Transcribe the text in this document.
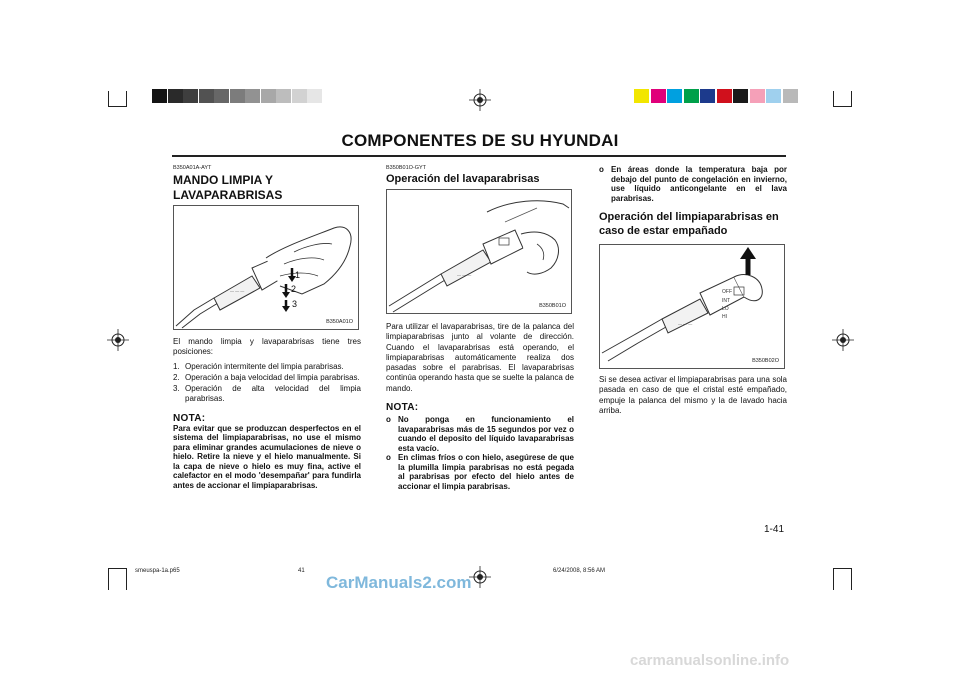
COMPONENTES DE SU HYUNDAI
B350A01A-AYT
MANDO LIMPIA Y LAVAPARABRISAS
— — —
1
2
3
B350A01O
El mando limpia y lavaparabrisas tiene tres posiciones:
1. Operación intermitente del limpia parabrisas.
2. Operación a baja velocidad del limpia parabrisas.
3. Operación de alta velocidad del limpia parabrisas.
NOTA:
Para evitar que se produzcan desperfectos en el sistema del limpiaparabrisas, no use el mismo para eliminar grandes acumulaciones de nieve o hielo. Retire la nieve y el hielo manualmente. Si la capa de nieve o hielo es muy fina, active el calefactor en el modo 'desempañar' para fundirla antes de accionar el limpiaparabrisas.
B350B01O-GYT
Operación del lavaparabrisas
— — —
B350B01O
Para utilizar el lavaparabrisas, tire de la palanca del limpiaparabrisas junto al volante de dirección. Cuando el lavaparabrisas está operando, el limpiaparabrisas automáticamente realiza dos pasadas sobre el parabrisas. El lavaparabrisas continúa operando hasta que se suelte la palanca de mando.
NOTA:
o No ponga en funcionamiento el lavaparabrisas más de 15 segundos por vez o cuando el deposito del líquido lavaparabrisas esta vacío.
o En climas fríos o con hielo, asegúrese de que la plumilla limpia parabrisas no está pegada al parabrisas por efecto del hielo antes de accionar el limpia parabrisas.
o En áreas donde la temperatura baja por debajo del punto de congelación en invierno, use líquido anticongelante en el lava parabrisas.
Operación del limpiaparabrisas en caso de estar empañado
OFF
INT
LO
HI
— — —
B350B02O
Si se desea activar el limpiaparabrisas para una sola pasada en caso de que el cristal esté empañado, empuje la palanca del mismo y la de lavado hacia arriba.
1-41
smeuspa-1a.p65	41	6/24/2008, 8:56 AM
CarManuals2.com
carmanualsonline.info
